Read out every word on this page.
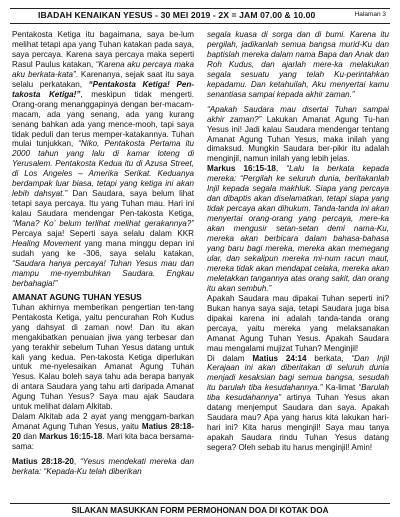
IBADAH KENAIKAN YESUS - 30 MEI 2019 - 2X = JAM 07.00 & 10.00	Halaman 3

Pentakosta Ketiga itu bagaimana, saya be-lum melihat tetapi apa yang Tuhan katakan pada saya, saya percaya. Karena saya percaya maka seperti Rasul Paulus katakan, “Karena aku percaya maka aku berkata-kata”. Karenanya, sejak saat itu saya selalu perkatakan, “Pentakosta Ketiga! Pen-takosta Ketiga!”, meskipun tidak mengerti. Orang-orang menanggapinya dengan ber-macam-macam, ada yang senang, ada yang kurang senang bahkan ada yang mence-mooh, tapi saya tidak peduli dan terus memper-katakannya. Tuhan mulai tunjukkan, “Niko, Pentakosta Pertama itu 2000 tahun yang lalu di kamar loteng di Yerusalem. Pentakosta Kedua itu di Azusa Street, di Los Angeles – Amerika Serikat. Keduanya berdampak luar biasa, tetapi yang ketiga ini akan lebih dahsyat.” Dan Saudara, saya belum lihat tetapi saya percaya. Itu yang Tuhan mau. Hari ini kalau Saudara mendengar Pen-takosta Ketiga, “Mana? Ko’ belum terlihat melihat gerakannya?” Percaya saja! Seperti saya selalu dalam KKR Healing Movement yang mana minggu depan ini sudah yang ke -306, saya selalu katakan, “Saudara hanya percaya! Tuhan Yesus mau dan mampu me-nyembuhkan Saudara. Engkau berbahagia!”

AMANAT AGUNG TUHAN YESUS

Tuhan akhirnya memberikan pengertian ten-tang Pentakosta Ketiga, yaitu pencurahan Roh Kudus yang dahsyat di zaman now! Dan itu akan mengakibatkan penuaian jiwa yang terbesar dan yang terakhir sebelum Tuhan Yesus datang untuk kali yang kedua. Pen-takosta Ketiga diperlukan untuk me-nyelesaikan Amanat Agung Tuhan Yesus. Kalau boleh saya tahu ada berapa banyak di antara Saudara yang tahu arti daripada Amanat Agung Tuhan Yesus? Saya mau ajak Saudara untuk melihat dalam Alkitab.

Dalam Alkitab ada 2 ayat yang menggam-barkan Amanat Agung Tuhan Yesus, yaitu Matius 28:18-20 dan Markus 16:15-18. Mari kita baca bersama-sama:

Matius 28:18-20, “Yesus mendekati mereka dan berkata: “Kepada-Ku telah diberikan

segala kuasa di sorga dan di bumi. Karena itu pergilah, jadikanlah semua bangsa murid-Ku dan baptislah mereka dalam nama Bapa dan Anak dan Roh Kudus, dan ajarlah mere-ka melakukan segala sesuatu yang telah Ku-perintahkan kepadamu. Dan ketahuilah, Aku menyertai kamu senantiasa sampai kepada akhir zaman.”

“Apakah Saudara mau disertai Tuhan sampai akhir zaman?” Lakukan Amanat Agung Tu-han Yesus ini! Jadi kalau Saudara mendengar tentang Amanat Agung Tuhan Yesus, maka inilah yang dimaksud. Mungkin Saudara ber-pikir itu adalah menginjil, namun inilah yang lebih jelas.

Markus 16:15-18, “Lalu Ia berkata kepada mereka: “Pergilah ke seluruh dunia, beritakanlah Injil kepada segala makhluk. Siapa yang percaya dan dibaptis akan diselamatkan, tetapi siapa yang tidak percaya akan dihukum. Tanda-tanda ini akan menyertai orang-orang yang percaya, mere-ka akan mengusir setan-setan demi nama-Ku, mereka akan berbicara dalam bahasa-bahasa yang baru bagi mereka, mereka akan memegang ular, dan sekalipun mereka mi-num racun maut, mereka tidak akan mendapat celaka, mereka akan meletakkan tangannya atas orang sakit, dan orang itu akan sembuh.”

Apakah Saudara mau dipakai Tuhan seperti ini? Bukan hanya saya saja, tetapi Saudara juga bisa dipakai karena ini adalah tanda-tanda orang percaya, yaitu mereka yang melaksanakan Amanat Agung Tuhan Yesus. Apakah Saudara mau mengalami mujizat Tuhan? Menginjil!

Di dalam Matius 24:14 berkata, “Dan Injil Kerajaan ini akan diberitakan di seluruh dunia menjadi kesaksian bagi semua bangsa, sesudah itu barulah tiba kesudahannya.” Ka-limat “Barulah tiba kesudahannya” artinya Tuhan Yesus akan datang menjemput Saudara dan saya. Apakah Saudara mau? Apa yang harus kita lakukan hari-hari ini? Kita harus menginjil! Saya mau tanya apakah Saudara rindu Tuhan Yesus datang segera? Oleh sebab itu harus menginjil! Amin!

SILAKAN MASUKKAN FORM PERMOHONAN DOA DI KOTAK DOA
